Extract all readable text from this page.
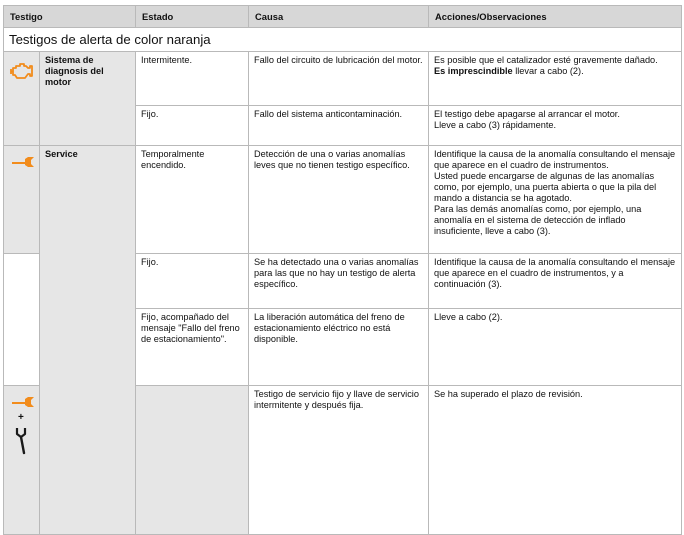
Testigo		Estado	Causa	Acciones/Observaciones	
Testigos de alerta de color naranja					

	Sistema de diagnosis del motor	Intermitente.	Fallo del circuito de lubricación del motor.	Es posible que el catalizador esté gravemente dañado.
Es imprescindible llevar a cabo (2).	

		Fijo.	Fallo del sistema anticontaminación.	El testigo debe apagarse al arrancar el motor.
Lleve a cabo (3) rápidamente.	

	Service	Temporalmente encendido.	Detección de una o varias anomalías leves que no tienen testigo específico.	Identifique la causa de la anomalía consultando el mensaje que aparece en el cuadro de instrumentos.
Usted puede encargarse de algunas de las anomalías como, por ejemplo, una puerta abierta o que la pila del mando a distancia se ha agotado.
Para las demás anomalías como, por ejemplo, una anomalía en el sistema de detección de inflado insuficiente, lleve a cabo (3).	

		Fijo.	Se ha detectado una o varias anomalías para las que no hay un testigo de alerta específico.	Identifique la causa de la anomalía consultando el mensaje que aparece en el cuadro de instrumentos, y a continuación (3).	
		Fijo, acompañado del mensaje "Fallo del freno de estacionamiento".	La liberación automática del freno de estacionamiento eléctrico no está disponible.	Lleve a cabo (2).	

+			Testigo de servicio fijo y llave de servicio intermitente y después fija.	Se ha superado el plazo de revisión.	
